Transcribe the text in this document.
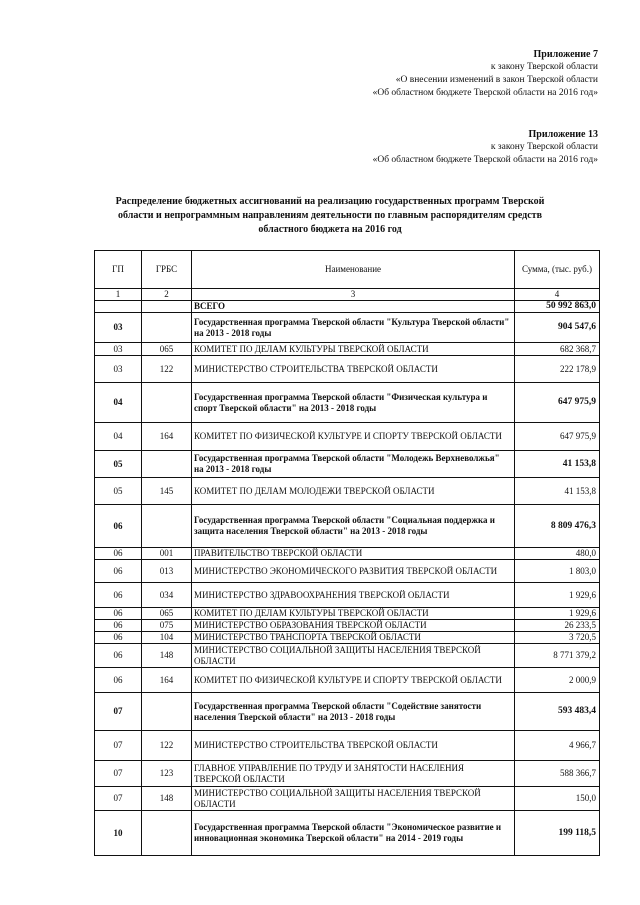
Приложение 7
к закону Тверской области
«О внесении изменений в закон Тверской области
«Об областном бюджете Тверской области на 2016 год»
Приложение 13
к закону Тверской области
«Об областном бюджете Тверской области на 2016 год»
Распределение бюджетных ассигнований на реализацию государственных программ Тверской
области и непрограммным направлениям деятельности по главным распорядителям средств
областного бюджета на 2016 год
ГП	ГРБС	Наименование	Сумма, (тыс. руб.)
1	2	3	4
		ВСЕГО	50 992 863,0
03		Государственная программа Тверской области "Культура Тверской области" на 2013 - 2018 годы	904 547,6
03	065	КОМИТЕТ ПО ДЕЛАМ КУЛЬТУРЫ ТВЕРСКОЙ ОБЛАСТИ	682 368,7
03	122	МИНИСТЕРСТВО СТРОИТЕЛЬСТВА ТВЕРСКОЙ ОБЛАСТИ	222 178,9
04		Государственная программа Тверской области "Физическая культура и спорт Тверской области" на 2013 - 2018 годы	647 975,9
04	164	КОМИТЕТ ПО ФИЗИЧЕСКОЙ КУЛЬТУРЕ И СПОРТУ ТВЕРСКОЙ ОБЛАСТИ	647 975,9
05		Государственная программа Тверской области "Молодежь Верхневолжья" на 2013 - 2018 годы	41 153,8
05	145	КОМИТЕТ ПО ДЕЛАМ МОЛОДЕЖИ ТВЕРСКОЙ ОБЛАСТИ	41 153,8
06		Государственная программа Тверской области "Социальная поддержка и защита населения Тверской области" на 2013 - 2018 годы	8 809 476,3
06	001	ПРАВИТЕЛЬСТВО ТВЕРСКОЙ ОБЛАСТИ	480,0
06	013	МИНИСТЕРСТВО ЭКОНОМИЧЕСКОГО РАЗВИТИЯ ТВЕРСКОЙ ОБЛАСТИ	1 803,0
06	034	МИНИСТЕРСТВО ЗДРАВООХРАНЕНИЯ ТВЕРСКОЙ ОБЛАСТИ	1 929,6
06	065	КОМИТЕТ ПО ДЕЛАМ КУЛЬТУРЫ ТВЕРСКОЙ ОБЛАСТИ	1 929,6
06	075	МИНИСТЕРСТВО ОБРАЗОВАНИЯ ТВЕРСКОЙ ОБЛАСТИ	26 233,5
06	104	МИНИСТЕРСТВО ТРАНСПОРТА ТВЕРСКОЙ ОБЛАСТИ	3 720,5
06	148	МИНИСТЕРСТВО СОЦИАЛЬНОЙ ЗАЩИТЫ НАСЕЛЕНИЯ ТВЕРСКОЙ ОБЛАСТИ	8 771 379,2
06	164	КОМИТЕТ ПО ФИЗИЧЕСКОЙ КУЛЬТУРЕ И СПОРТУ ТВЕРСКОЙ ОБЛАСТИ	2 000,9
07		Государственная программа Тверской области "Содействие занятости населения Тверской области" на 2013 - 2018 годы	593 483,4
07	122	МИНИСТЕРСТВО СТРОИТЕЛЬСТВА ТВЕРСКОЙ ОБЛАСТИ	4 966,7
07	123	ГЛАВНОЕ УПРАВЛЕНИЕ ПО ТРУДУ И ЗАНЯТОСТИ НАСЕЛЕНИЯ ТВЕРСКОЙ ОБЛАСТИ	588 366,7
07	148	МИНИСТЕРСТВО СОЦИАЛЬНОЙ ЗАЩИТЫ НАСЕЛЕНИЯ ТВЕРСКОЙ ОБЛАСТИ	150,0
10		Государственная программа Тверской области "Экономическое развитие и инновационная экономика Тверской области" на 2014 - 2019 годы	199 118,5
